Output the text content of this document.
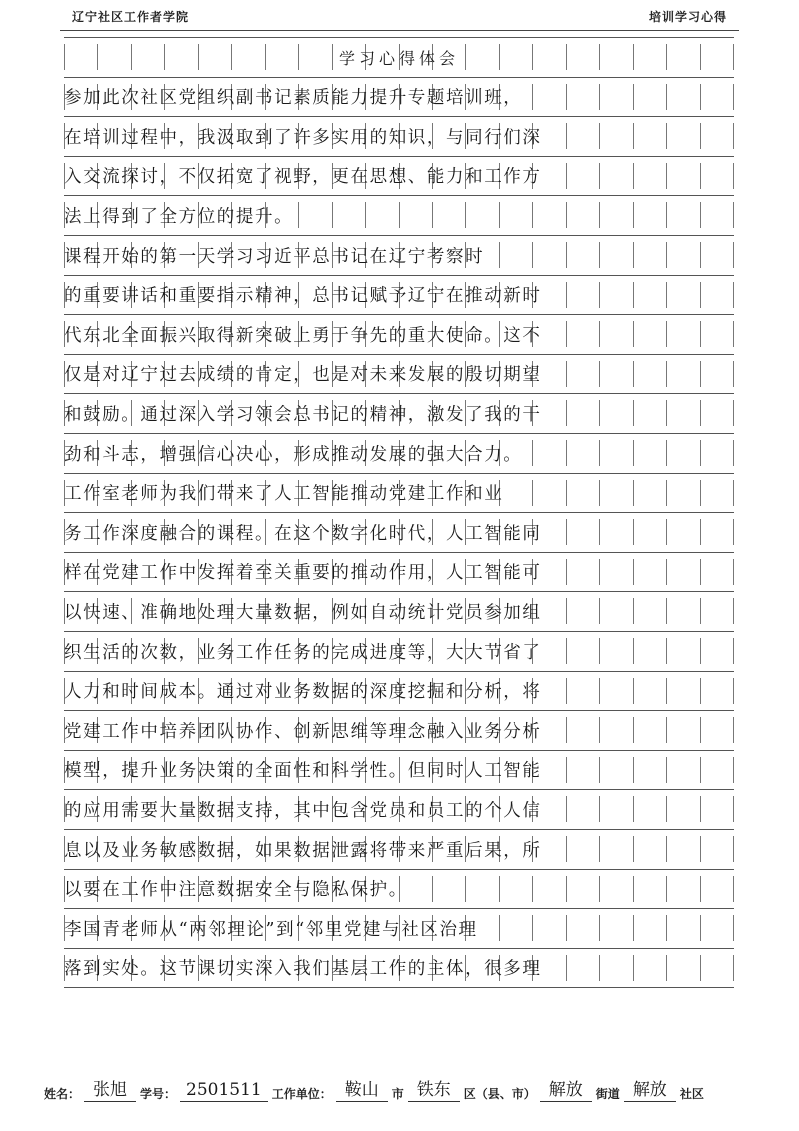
辽宁社区工作者学院	培训学习心得
参加此次社区党组织副书记素质能力提升专题培训班，
在培训过程中，我汲取到了许多实用的知识，与同行们深
入交流探讨，不仅拓宽了视野，更在思想、能力和工作方
法上得到了全方位的提升。
课程开始的第一天学习习近平总书记在辽宁考察时
的重要讲话和重要指示精神，总书记赋予辽宁在推动新时
代东北全面振兴取得新突破上勇于争先的重大使命。这不
仅是对辽宁过去成绩的肯定，也是对未来发展的殷切期望
和鼓励。通过深入学习领会总书记的精神，激发了我的干
劲和斗志，增强信心决心，形成推动发展的强大合力。
工作室老师为我们带来了人工智能推动党建工作和业
务工作深度融合的课程。在这个数字化时代，人工智能同
样在党建工作中发挥着至关重要的推动作用，人工智能可
以快速、准确地处理大量数据，例如自动统计党员参加组
织生活的次数，业务工作任务的完成进度等，大大节省了
人力和时间成本。通过对业务数据的深度挖掘和分析，将
党建工作中培养团队协作、创新思维等理念融入业务分析
模型，提升业务决策的全面性和科学性。但同时人工智能
的应用需要大量数据支持，其中包含党员和员工的个人信
息以及业务敏感数据，如果数据泄露将带来严重后果，所
以要在工作中注意数据安全与隐私保护。
李国青老师从“两邻理论”到“邻里党建与社区治理
落到实处。这节课切实深入我们基层工作的主体，很多理
学习心得体会
姓名： 张旭	学号： 2501511 工作单位： 鞍山	市 铁东	区（县、市） 解放	街道 解放	社区
